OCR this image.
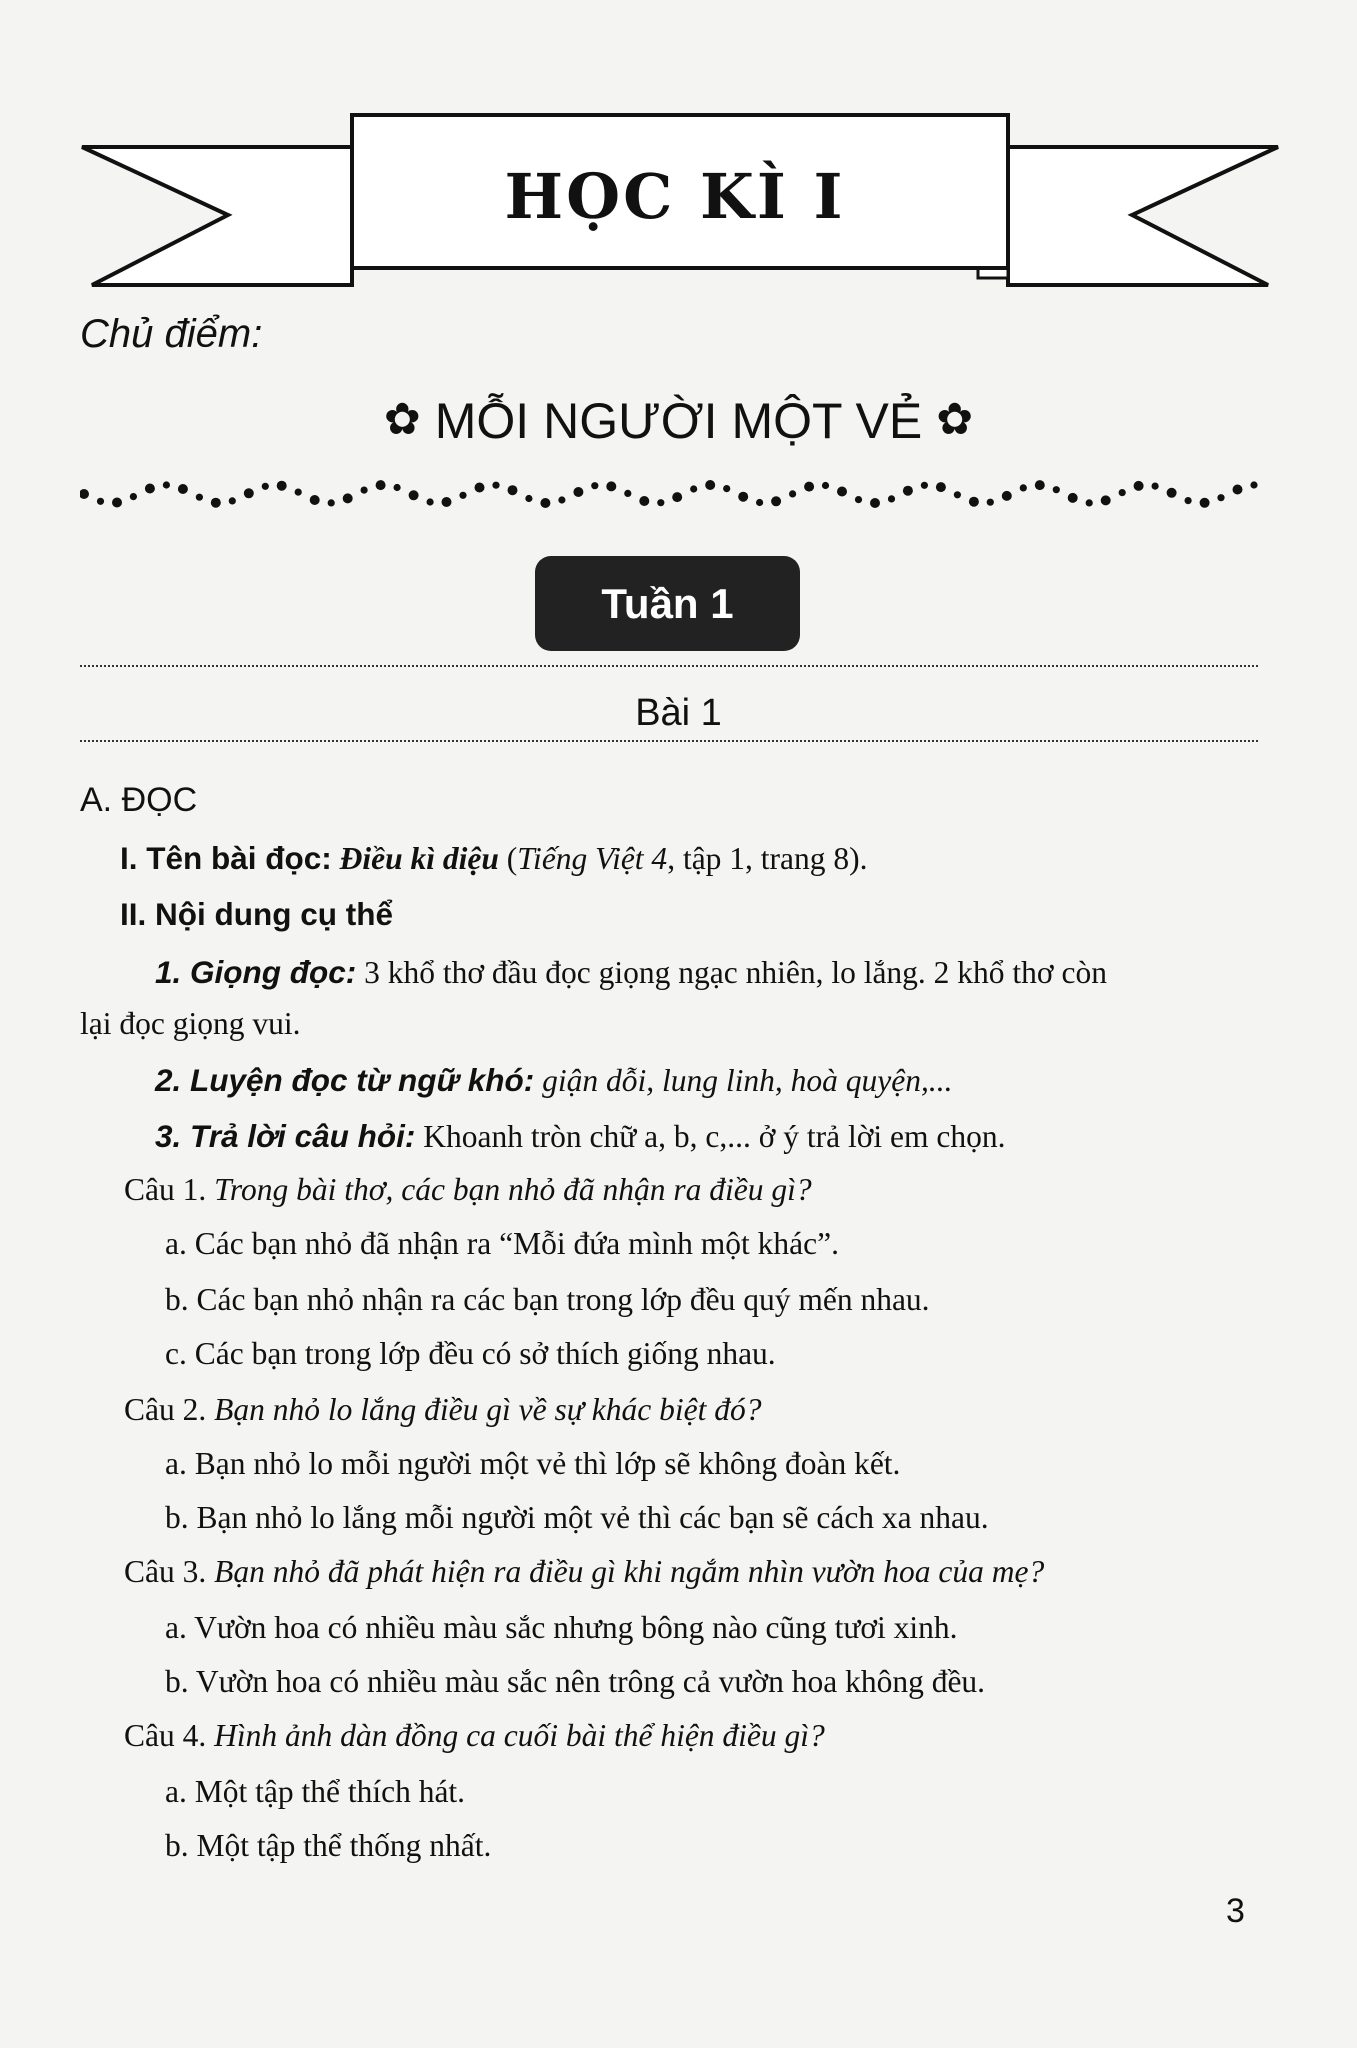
HỌC KÌ I
Chủ điểm:
✿ MỖI NGƯỜI MỘT VẺ ✿
Tuần 1
Bài 1
A. ĐỌC
I. Tên bài đọc: Điều kì diệu (Tiếng Việt 4, tập 1, trang 8).
II. Nội dung cụ thể
1. Giọng đọc: 3 khổ thơ đầu đọc giọng ngạc nhiên, lo lắng. 2 khổ thơ còn
lại đọc giọng vui.
2. Luyện đọc từ ngữ khó: giận dỗi, lung linh, hoà quyện,...
3. Trả lời câu hỏi: Khoanh tròn chữ a, b, c,... ở ý trả lời em chọn.
Câu 1. Trong bài thơ, các bạn nhỏ đã nhận ra điều gì?
a. Các bạn nhỏ đã nhận ra “Mỗi đứa mình một khác”.
b. Các bạn nhỏ nhận ra các bạn trong lớp đều quý mến nhau.
c. Các bạn trong lớp đều có sở thích giống nhau.
Câu 2. Bạn nhỏ lo lắng điều gì về sự khác biệt đó?
a. Bạn nhỏ lo mỗi người một vẻ thì lớp sẽ không đoàn kết.
b. Bạn nhỏ lo lắng mỗi người một vẻ thì các bạn sẽ cách xa nhau.
Câu 3. Bạn nhỏ đã phát hiện ra điều gì khi ngắm nhìn vườn hoa của mẹ?
a. Vườn hoa có nhiều màu sắc nhưng bông nào cũng tươi xinh.
b. Vườn hoa có nhiều màu sắc nên trông cả vườn hoa không đều.
Câu 4. Hình ảnh dàn đồng ca cuối bài thể hiện điều gì?
a. Một tập thể thích hát.
b. Một tập thể thống nhất.
3
